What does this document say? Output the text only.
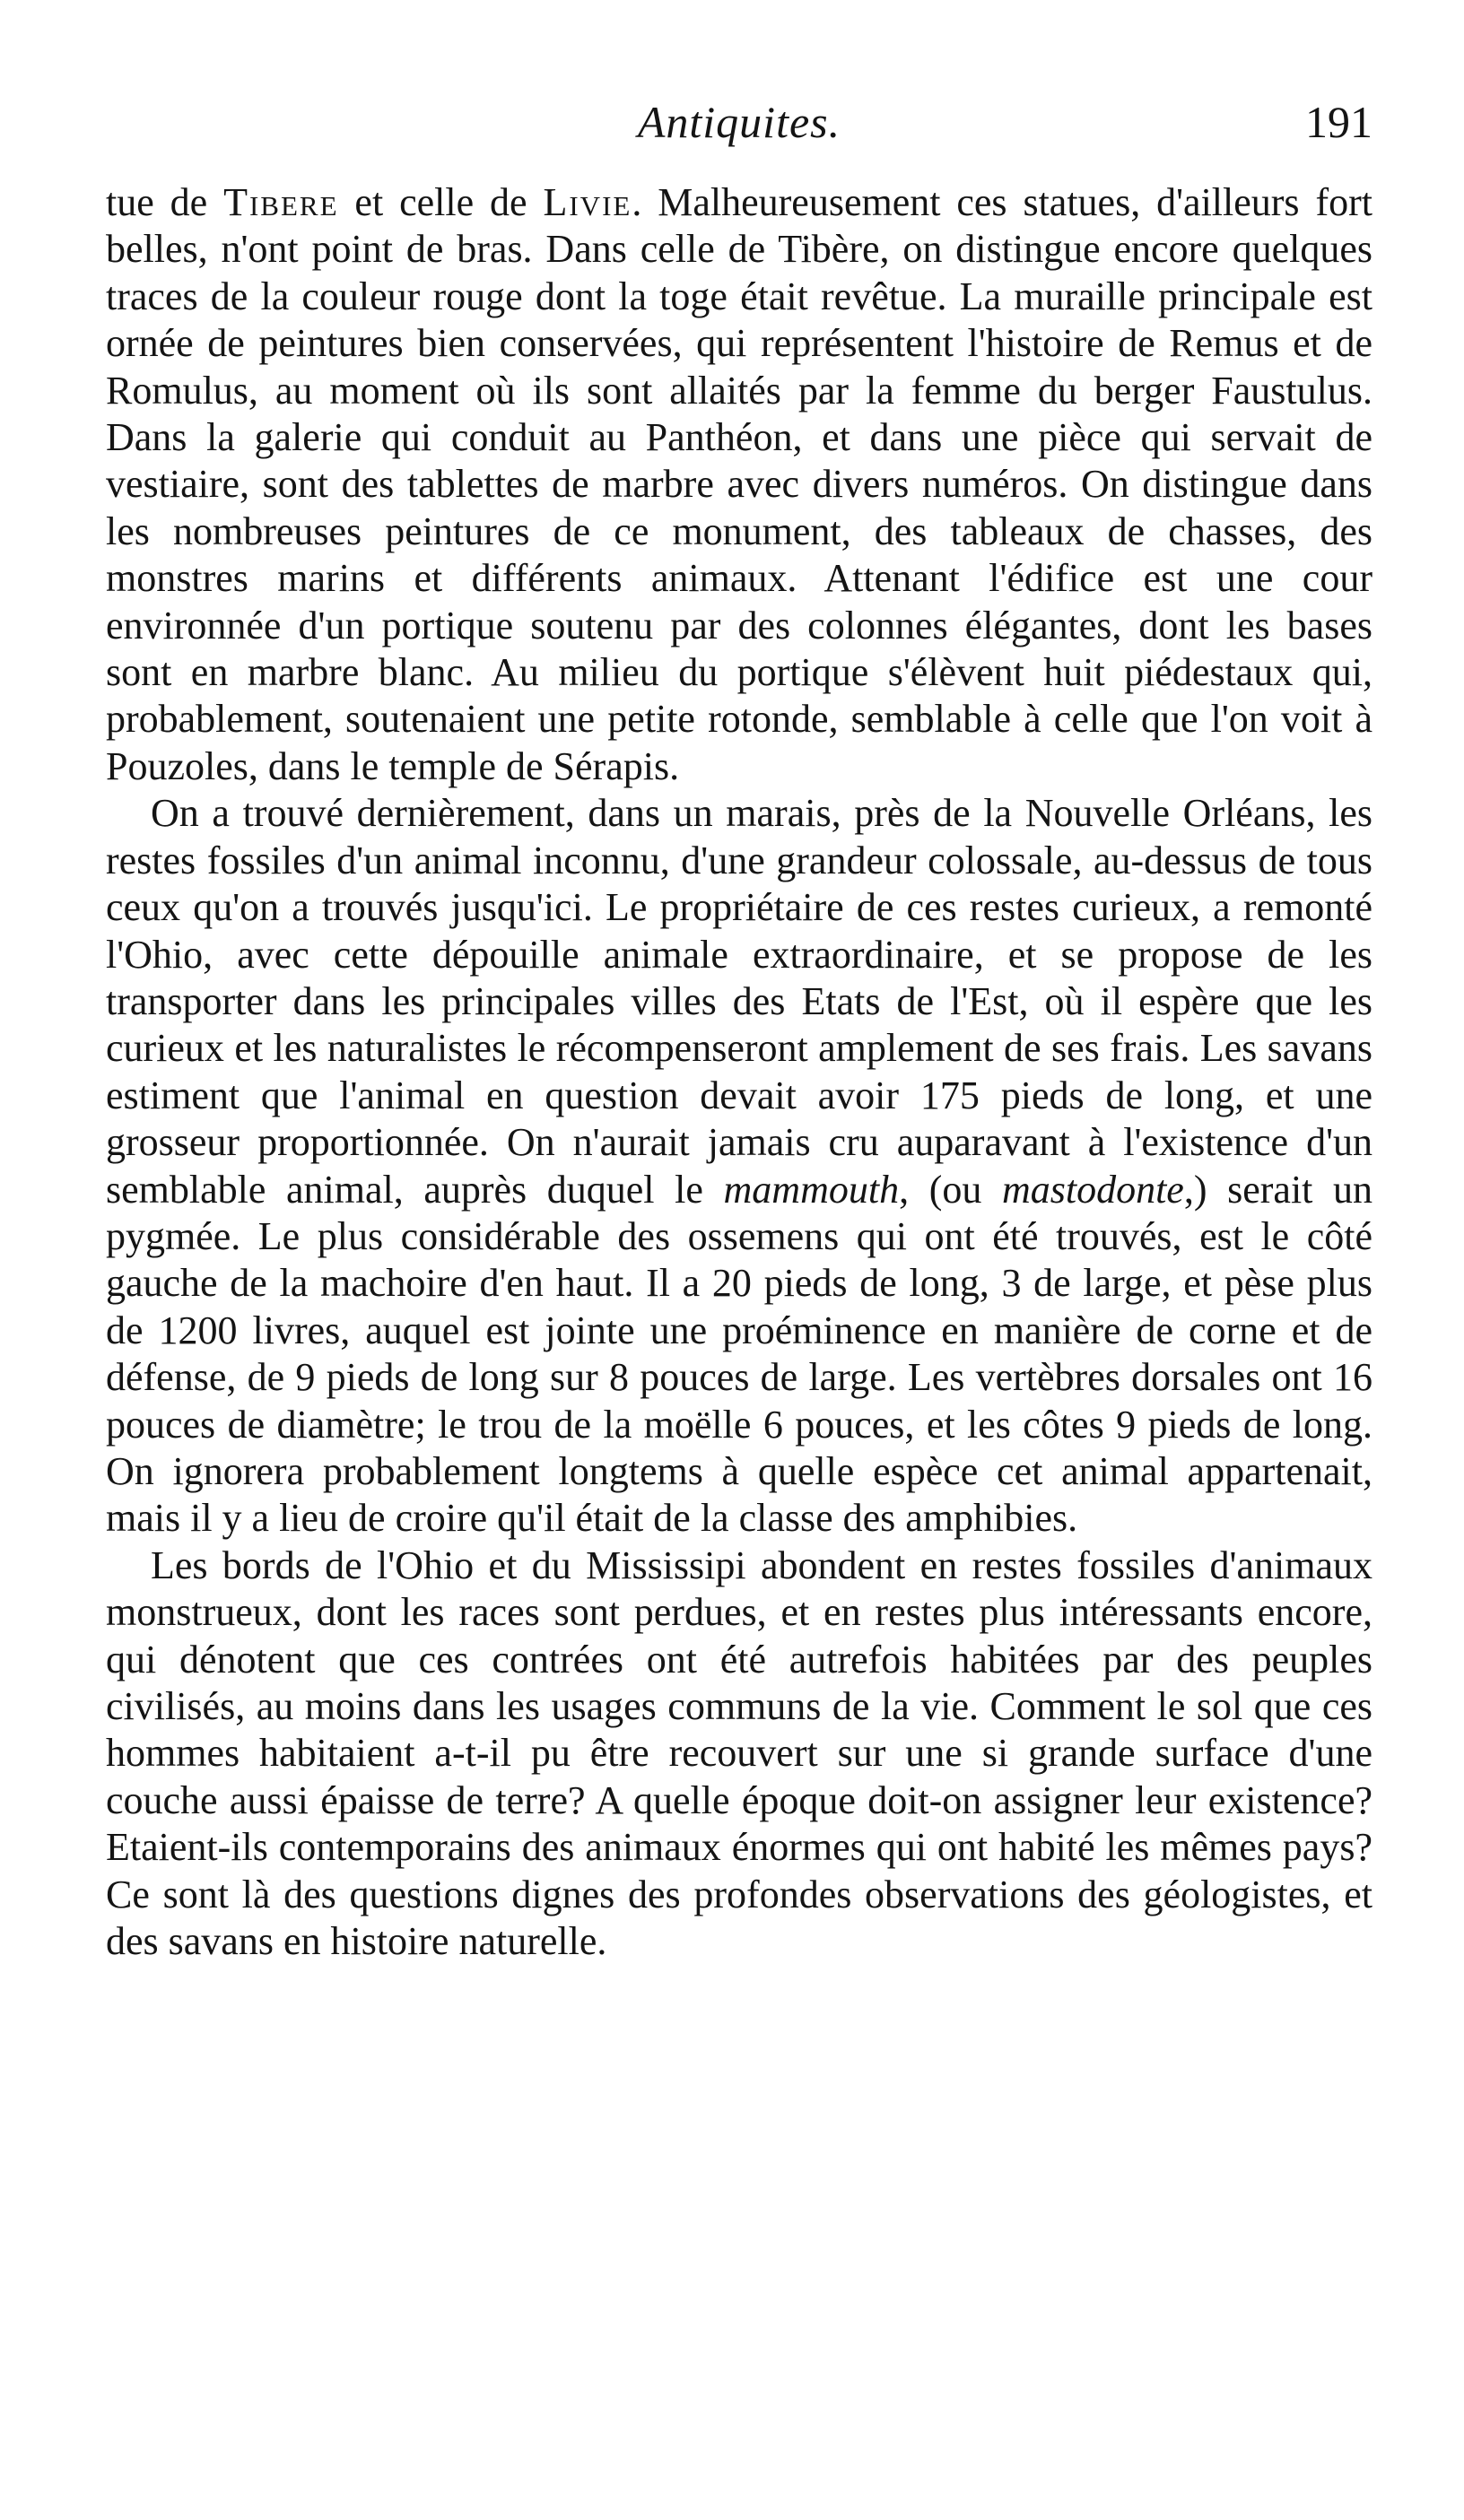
Antiquites.	191

tue de Tibere et celle de Livie. Malheureusement ces statues, d'ailleurs fort belles, n'ont point de bras. Dans celle de Tibère, on distingue encore quelques traces de la couleur rouge dont la toge était revêtue. La muraille principale est ornée de peintures bien conservées, qui représentent l'histoire de Remus et de Romulus, au moment où ils sont allaités par la femme du berger Faustulus. Dans la galerie qui conduit au Panthéon, et dans une pièce qui servait de vestiaire, sont des tablettes de marbre avec divers numéros. On distingue dans les nombreuses peintures de ce monument, des tableaux de chasses, des monstres marins et différents animaux. Attenant l'édifice est une cour environnée d'un portique soutenu par des colonnes élégantes, dont les bases sont en marbre blanc. Au milieu du portique s'élèvent huit piédestaux qui, probablement, soutenaient une petite rotonde, semblable à celle que l'on voit à Pouzoles, dans le temple de Sérapis.

On a trouvé dernièrement, dans un marais, près de la Nouvelle Orléans, les restes fossiles d'un animal inconnu, d'une grandeur colossale, au-dessus de tous ceux qu'on a trouvés jusqu'ici. Le propriétaire de ces restes curieux, a remonté l'Ohio, avec cette dépouille animale extraordinaire, et se propose de les transporter dans les principales villes des Etats de l'Est, où il espère que les curieux et les naturalistes le récompenseront amplement de ses frais. Les savans estiment que l'animal en question devait avoir 175 pieds de long, et une grosseur proportionnée. On n'aurait jamais cru auparavant à l'existence d'un semblable animal, auprès duquel le mammouth, (ou mastodonte,) serait un pygmée. Le plus considérable des ossemens qui ont été trouvés, est le côté gauche de la machoire d'en haut. Il a 20 pieds de long, 3 de large, et pèse plus de 1200 livres, auquel est jointe une proéminence en manière de corne et de défense, de 9 pieds de long sur 8 pouces de large. Les vertèbres dorsales ont 16 pouces de diamètre; le trou de la moëlle 6 pouces, et les côtes 9 pieds de long. On ignorera probablement longtems à quelle espèce cet animal appartenait, mais il y a lieu de croire qu'il était de la classe des amphibies.

Les bords de l'Ohio et du Mississipi abondent en restes fossiles d'animaux monstrueux, dont les races sont perdues, et en restes plus intéressants encore, qui dénotent que ces contrées ont été autrefois habitées par des peuples civilisés, au moins dans les usages communs de la vie. Comment le sol que ces hommes habitaient a-t-il pu être recouvert sur une si grande surface d'une couche aussi épaisse de terre? A quelle époque doit-on assigner leur existence? Etaient-ils contemporains des animaux énormes qui ont habité les mêmes pays? Ce sont là des questions dignes des profondes observations des géologistes, et des savans en histoire naturelle.
